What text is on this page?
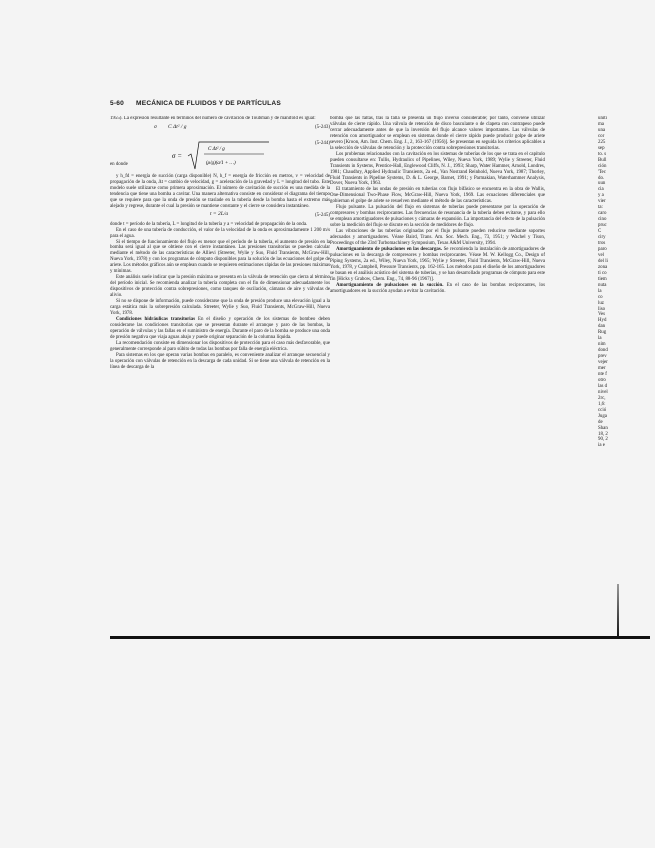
5-60 MECÁNICA DE FLUIDOS Y DE PARTÍCULAS

1955). La expresión resultante en términos del número de cavitación de Toubman y de manifold es igual:

σ C Δt² / g	(5-243)
en donde
σ =
C Δt² / g
(ρ/g)(a/1 + …)
(5-244)

y h_fd = energía de succión (carga disponible) N, h_f = energía de fricción en metros, v = velocidad de propagación de la onda, Δt = cambio de velocidad, g = aceleración de la gravedad y L = longitud del tubo. Este modelo suele utilizarse como primera aproximación. El número de cavitación de succión es una medida de la tendencia que tiene una bomba a cavitar. Una manera alternativa consiste en considerar el diagrama del tiempo que se requiere para que la onda de presión se traslade en la tubería desde la bomba hasta el extremo más alejado y regrese, durante el cual la presión se mantiene constante y el cierre se considera instantáneo.

t = 2L/a	(5-245)

donde t = período de la tubería, L = longitud de la tubería y a = velocidad de propagación de la onda.

En el caso de una tubería de conducción, el valor de la velocidad de la onda es aproximadamente 1 200 m/s para el agua.

Si el tiempo de funcionamiento del flujo es menor que el período de la tubería, el aumento de presión en la bomba será igual al que se obtiene con el cierre instantáneo. Las presiones transitorias se pueden calcular mediante el método de las características de Allievi (Streeter, Wylie y Suo, Fluid Transients, McGraw-Hill, Nueva York, 1978) y con los programas de cómputo disponibles para la solución de las ecuaciones del golpe de ariete. Los métodos gráficos aún se emplean cuando se requieren estimaciones rápidas de las presiones máximas y mínimas.

Este análisis suele indicar que la presión máxima se presenta en la válvula de retención que cierra al término del período inicial. Se recomienda analizar la tubería completa con el fin de dimensionar adecuadamente los dispositivos de protección contra sobrepresiones, como tanques de oscilación, cámaras de aire y válvulas de alivio.

Si no se dispone de información, puede considerarse que la onda de presión produce una elevación igual a la carga estática más la sobrepresión calculada. Streeter, Wylie y Suo, Fluid Transients, McGraw-Hill, Nueva York, 1978.

Condiciones hidráulicas transitorias En el diseño y operación de los sistemas de bombeo deben considerarse las condiciones transitorias que se presentan durante el arranque y paro de las bombas, la operación de válvulas y las fallas en el suministro de energía. Durante el paro de la bomba se produce una onda de presión negativa que viaja aguas abajo y puede originar separación de la columna líquida.

La recomendación consiste en dimensionar los dispositivos de protección para el caso más desfavorable, que generalmente corresponde al paro súbito de todas las bombas por falla de energía eléctrica.

Para sistemas en los que operan varias bombas en paralelo, es conveniente analizar el arranque secuencial y la operación con válvulas de retención en la descarga de cada unidad. Si se tiene una válvula de retención en la línea de descarga de la

bomba que las faltas, tras la falla se presenta un flujo inverso considerable; por tanto, conviene utilizar válvulas de cierre rápido. Una válvula de retención de disco basculante o de clapeta con contrapeso puede cerrar adecuadamente antes de que la inversión del flujo alcance valores importantes. Las válvulas de retención con amortiguador se emplean en sistemas donde el cierre rápido puede producir golpe de ariete severo [Kroon, Am. Inst. Chem. Eng. J., 2, 163-167 (1956)]. Se presentan en seguida los criterios aplicables a la selección de válvulas de retención y la protección contra sobrepresiones transitorias.

Los problemas relacionados con la cavitación en los sistemas de tuberías de los que se trata en el capítulo pueden consultarse en: Tullis, Hydraulics of Pipelines, Wiley, Nueva York, 1989; Wylie y Streeter, Fluid Transients in Systems, Prentice-Hall, Englewood Cliffs, N. J., 1993; Sharp, Water Hammer, Arnold, Londres, 1981; Chaudhry, Applied Hydraulic Transients, 2a ed., Van Nostrand Reinhold, Nueva York, 1987; Thorley, Fluid Transients in Pipeline Systems, D. & L. George, Barnet, 1991; y Parmakian, Waterhammer Analysis, Dover, Nueva York, 1963.

El tratamiento de las ondas de presión en tuberías con flujo bifásico se encuentra en la obra de Wallis, One-Dimensional Two-Phase Flow, McGraw-Hill, Nueva York, 1969. Las ecuaciones diferenciales que gobiernan el golpe de ariete se resuelven mediante el método de las características.

Flujo pulsante. La pulsación del flujo en sistemas de tuberías puede presentarse por la operación de compresores y bombas reciprocantes. Las frecuencias de resonancia de la tubería deben evitarse, y para ello se emplean amortiguadores de pulsaciones y cámaras de expansión. La importancia del efecto de la pulsación sobre la medición del flujo se discute en la sección de medidores de flujo.

Las vibraciones de las tuberías originadas por el flujo pulsante pueden reducirse mediante soportes adecuados y amortiguadores. Véase Baird, Trans. Am. Soc. Mech. Eng., 73, 1951; y Wachel y Tison, Proceedings of the 23rd Turbomachinery Symposium, Texas A&M University, 1994.

Amortiguamiento de pulsaciones en las descargas. Se recomienda la instalación de amortiguadores de pulsaciones en la descarga de compresores y bombas reciprocantes. Véase M. W. Kellogg Co., Design of Piping Systems, 2a ed., Wiley, Nueva York, 1965; Wylie y Streeter, Fluid Transients, McGraw-Hill, Nueva York, 1978, y Campbell, Pressure Transients, pp. 162-165. Los métodos para el diseño de los amortiguadores se basan en el análisis acústico del sistema de tuberías, y se han desarrollado programas de cómputo para este fin [Hicks y Grabow, Chem. Eng., 74, 88-96 (1967)].

Amortiguamiento de pulsaciones en la succión. En el caso de las bombas reciprocantes, los amortiguadores en la succión ayudan a evitar la cavitación.

uniti
ma
una
cor
225
sep
to. s
Bull
ción
'Tec
do.
uun
cia
y a
vier
ta:
caro
cino
pruc
C
ciry
tros
paro
vel
del li
zona
ti co
tiem
nuta
la
co
luz
liso
Ves
Hyd
dan
Rug
la
nim
dond
prev
vejer
mer
nte f
otro
las d
nivel
2rc,
1,6:
cció
Juga
de
Shan
18, 2
90, 2
ia e
